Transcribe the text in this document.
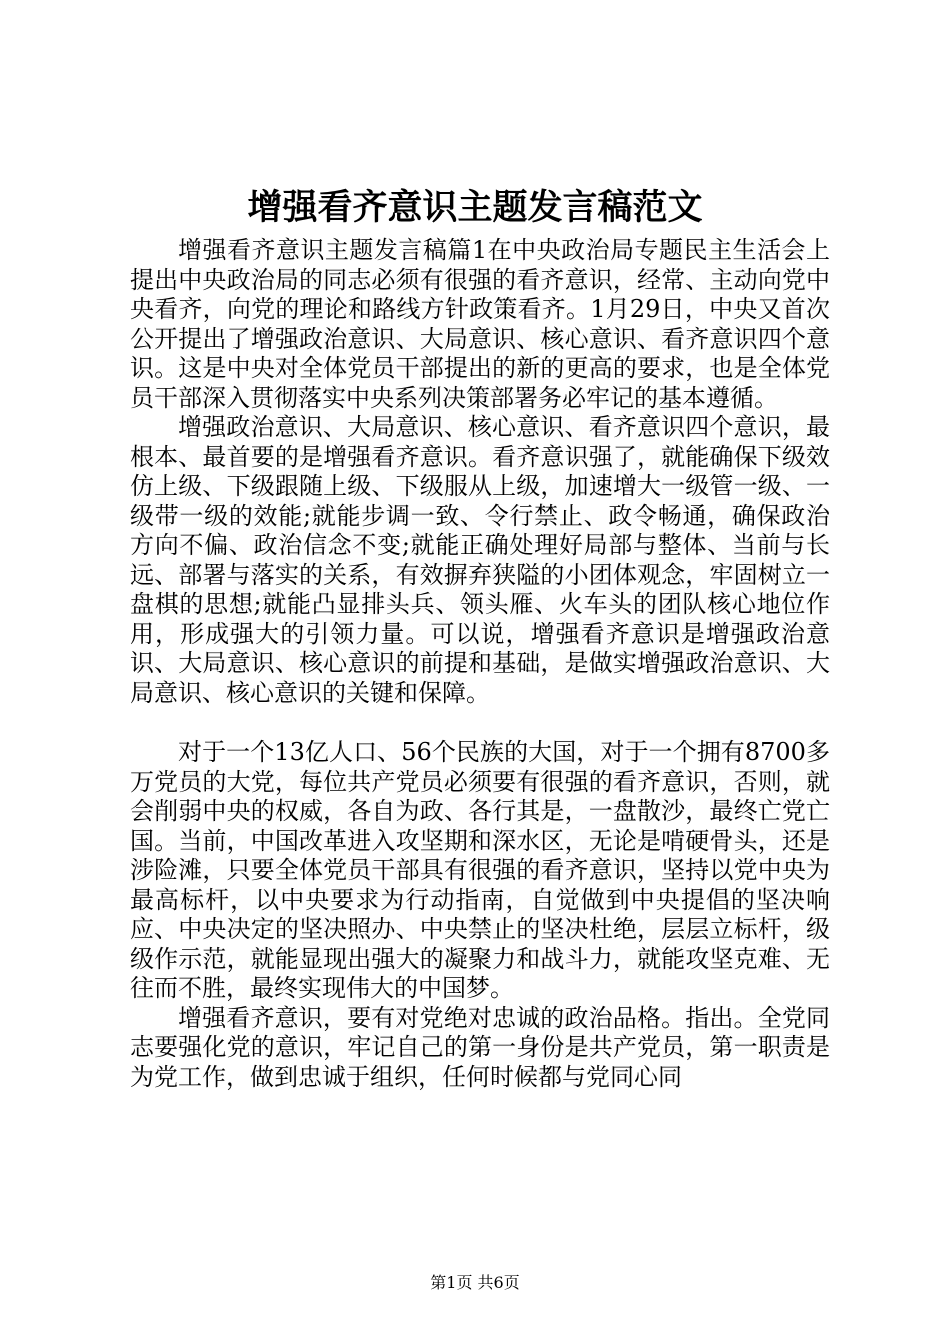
增强看齐意识主题发言稿范文

增强看齐意识主题发言稿篇1在中央政治局专题民主生活会上提出中央政治局的同志必须有很强的看齐意识，经常、主动向党中央看齐，向党的理论和路线方针政策看齐。1月29日，中央又首次公开提出了增强政治意识、大局意识、核心意识、看齐意识四个意识。这是中央对全体党员干部提出的新的更高的要求，也是全体党员干部深入贯彻落实中央系列决策部署务必牢记的基本遵循。

增强政治意识、大局意识、核心意识、看齐意识四个意识，最根本、最首要的是增强看齐意识。看齐意识强了，就能确保下级效仿上级、下级跟随上级、下级服从上级，加速增大一级管一级、一级带一级的效能;就能步调一致、令行禁止、政令畅通，确保政治方向不偏、政治信念不变;就能正确处理好局部与整体、当前与长远、部署与落实的关系，有效摒弃狭隘的小团体观念，牢固树立一盘棋的思想;就能凸显排头兵、领头雁、火车头的团队核心地位作用，形成强大的引领力量。可以说，增强看齐意识是增强政治意识、大局意识、核心意识的前提和基础，是做实增强政治意识、大局意识、核心意识的关键和保障。

对于一个13亿人口、56个民族的大国，对于一个拥有8700多万党员的大党，每位共产党员必须要有很强的看齐意识，否则，就会削弱中央的权威，各自为政、各行其是，一盘散沙，最终亡党亡国。当前，中国改革进入攻坚期和深水区，无论是啃硬骨头，还是涉险滩，只要全体党员干部具有很强的看齐意识，坚持以党中央为最高标杆，以中央要求为行动指南，自觉做到中央提倡的坚决响应、中央决定的坚决照办、中央禁止的坚决杜绝，层层立标杆，级级作示范，就能显现出强大的凝聚力和战斗力，就能攻坚克难、无往而不胜，最终实现伟大的中国梦。

增强看齐意识，要有对党绝对忠诚的政治品格。指出。全党同志要强化党的意识，牢记自己的第一身份是共产党员，第一职责是为党工作，做到忠诚于组织，任何时候都与党同心同

第1页 共6页
